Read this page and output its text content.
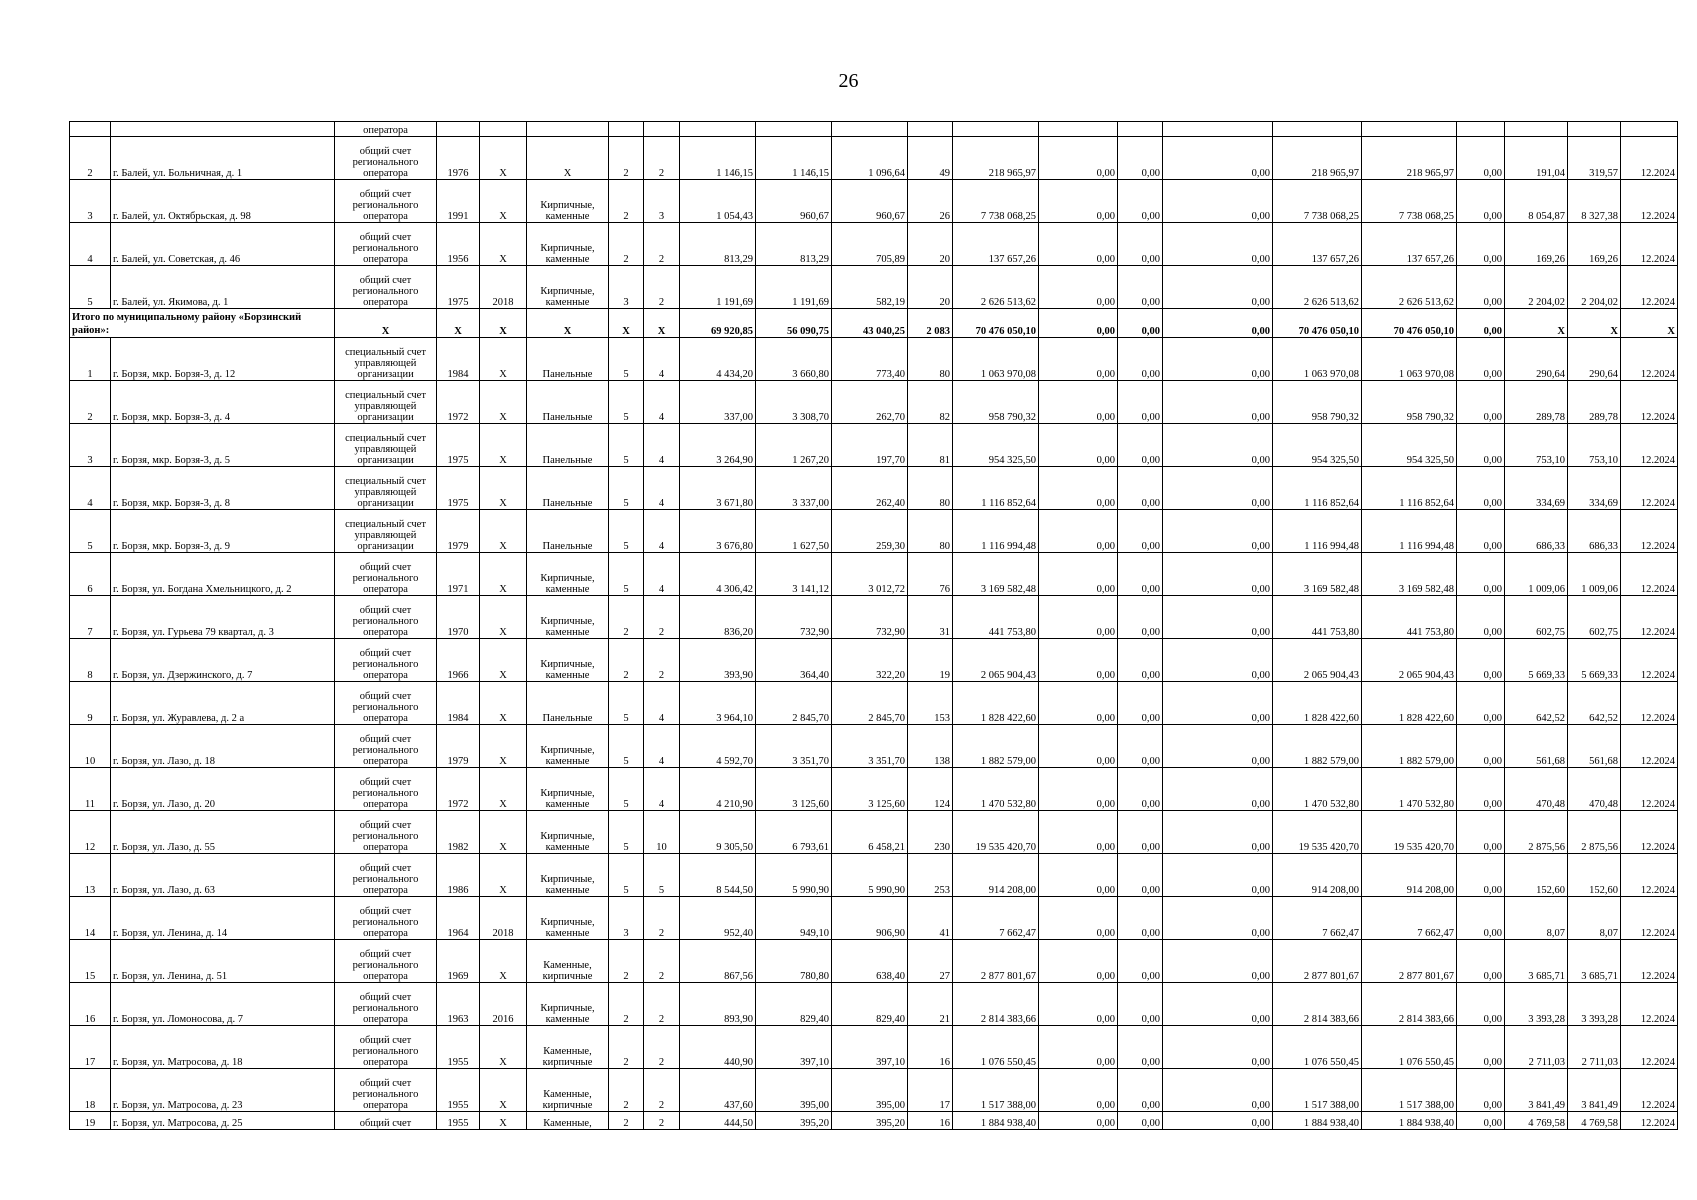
26
		оператора																			
2	г. Балей, ул. Больничная, д. 1	общий счет регионального оператора	1976	X	X	2	2	1 146,15	1 146,15	1 096,64	49	218 965,97	0,00	0,00	0,00	218 965,97	218 965,97	0,00	191,04	319,57	12.2024
3	г. Балей, ул. Октябрьская, д. 98	общий счет регионального оператора	1991	X	Кирпичные, каменные	2	3	1 054,43	960,67	960,67	26	7 738 068,25	0,00	0,00	0,00	7 738 068,25	7 738 068,25	0,00	8 054,87	8 327,38	12.2024
4	г. Балей, ул. Советская, д. 46	общий счет регионального оператора	1956	X	Кирпичные, каменные	2	2	813,29	813,29	705,89	20	137 657,26	0,00	0,00	0,00	137 657,26	137 657,26	0,00	169,26	169,26	12.2024
5	г. Балей, ул. Якимова, д. 1	общий счет регионального оператора	1975	2018	Кирпичные, каменные	3	2	1 191,69	1 191,69	582,19	20	2 626 513,62	0,00	0,00	0,00	2 626 513,62	2 626 513,62	0,00	2 204,02	2 204,02	12.2024
Итого по муниципальному району «Борзинский район»:		X	X	X	X	X	X	69 920,85	56 090,75	43 040,25	2 083	70 476 050,10	0,00	0,00	0,00	70 476 050,10	70 476 050,10	0,00	X	X	X
1	г. Борзя, мкр. Борзя-3, д. 12	специальный счет управляющей организации	1984	X	Панельные	5	4	4 434,20	3 660,80	773,40	80	1 063 970,08	0,00	0,00	0,00	1 063 970,08	1 063 970,08	0,00	290,64	290,64	12.2024
2	г. Борзя, мкр. Борзя-3, д. 4	специальный счет управляющей организации	1972	X	Панельные	5	4	337,00	3 308,70	262,70	82	958 790,32	0,00	0,00	0,00	958 790,32	958 790,32	0,00	289,78	289,78	12.2024
3	г. Борзя, мкр. Борзя-3, д. 5	специальный счет управляющей организации	1975	X	Панельные	5	4	3 264,90	1 267,20	197,70	81	954 325,50	0,00	0,00	0,00	954 325,50	954 325,50	0,00	753,10	753,10	12.2024
4	г. Борзя, мкр. Борзя-3, д. 8	специальный счет управляющей организации	1975	X	Панельные	5	4	3 671,80	3 337,00	262,40	80	1 116 852,64	0,00	0,00	0,00	1 116 852,64	1 116 852,64	0,00	334,69	334,69	12.2024
5	г. Борзя, мкр. Борзя-3, д. 9	специальный счет управляющей организации	1979	X	Панельные	5	4	3 676,80	1 627,50	259,30	80	1 116 994,48	0,00	0,00	0,00	1 116 994,48	1 116 994,48	0,00	686,33	686,33	12.2024
6	г. Борзя, ул. Богдана Хмельницкого, д. 2	общий счет регионального оператора	1971	X	Кирпичные, каменные	5	4	4 306,42	3 141,12	3 012,72	76	3 169 582,48	0,00	0,00	0,00	3 169 582,48	3 169 582,48	0,00	1 009,06	1 009,06	12.2024
7	г. Борзя, ул. Гурьева 79 квартал, д. 3	общий счет регионального оператора	1970	X	Кирпичные, каменные	2	2	836,20	732,90	732,90	31	441 753,80	0,00	0,00	0,00	441 753,80	441 753,80	0,00	602,75	602,75	12.2024
8	г. Борзя, ул. Дзержинского, д. 7	общий счет регионального оператора	1966	X	Кирпичные, каменные	2	2	393,90	364,40	322,20	19	2 065 904,43	0,00	0,00	0,00	2 065 904,43	2 065 904,43	0,00	5 669,33	5 669,33	12.2024
9	г. Борзя, ул. Журавлева, д. 2 а	общий счет регионального оператора	1984	X	Панельные	5	4	3 964,10	2 845,70	2 845,70	153	1 828 422,60	0,00	0,00	0,00	1 828 422,60	1 828 422,60	0,00	642,52	642,52	12.2024
10	г. Борзя, ул. Лазо, д. 18	общий счет регионального оператора	1979	X	Кирпичные, каменные	5	4	4 592,70	3 351,70	3 351,70	138	1 882 579,00	0,00	0,00	0,00	1 882 579,00	1 882 579,00	0,00	561,68	561,68	12.2024
11	г. Борзя, ул. Лазо, д. 20	общий счет регионального оператора	1972	X	Кирпичные, каменные	5	4	4 210,90	3 125,60	3 125,60	124	1 470 532,80	0,00	0,00	0,00	1 470 532,80	1 470 532,80	0,00	470,48	470,48	12.2024
12	г. Борзя, ул. Лазо, д. 55	общий счет регионального оператора	1982	X	Кирпичные, каменные	5	10	9 305,50	6 793,61	6 458,21	230	19 535 420,70	0,00	0,00	0,00	19 535 420,70	19 535 420,70	0,00	2 875,56	2 875,56	12.2024
13	г. Борзя, ул. Лазо, д. 63	общий счет регионального оператора	1986	X	Кирпичные, каменные	5	5	8 544,50	5 990,90	5 990,90	253	914 208,00	0,00	0,00	0,00	914 208,00	914 208,00	0,00	152,60	152,60	12.2024
14	г. Борзя, ул. Ленина, д. 14	общий счет регионального оператора	1964	2018	Кирпичные, каменные	3	2	952,40	949,10	906,90	41	7 662,47	0,00	0,00	0,00	7 662,47	7 662,47	0,00	8,07	8,07	12.2024
15	г. Борзя, ул. Ленина, д. 51	общий счет регионального оператора	1969	X	Каменные, кирпичные	2	2	867,56	780,80	638,40	27	2 877 801,67	0,00	0,00	0,00	2 877 801,67	2 877 801,67	0,00	3 685,71	3 685,71	12.2024
16	г. Борзя, ул. Ломоносова, д. 7	общий счет регионального оператора	1963	2016	Кирпичные, каменные	2	2	893,90	829,40	829,40	21	2 814 383,66	0,00	0,00	0,00	2 814 383,66	2 814 383,66	0,00	3 393,28	3 393,28	12.2024
17	г. Борзя, ул. Матросова, д. 18	общий счет регионального оператора	1955	X	Каменные, кирпичные	2	2	440,90	397,10	397,10	16	1 076 550,45	0,00	0,00	0,00	1 076 550,45	1 076 550,45	0,00	2 711,03	2 711,03	12.2024
18	г. Борзя, ул. Матросова, д. 23	общий счет регионального оператора	1955	X	Каменные, кирпичные	2	2	437,60	395,00	395,00	17	1 517 388,00	0,00	0,00	0,00	1 517 388,00	1 517 388,00	0,00	3 841,49	3 841,49	12.2024
19	г. Борзя, ул. Матросова, д. 25	общий счет	1955	X	Каменные,	2	2	444,50	395,20	395,20	16	1 884 938,40	0,00	0,00	0,00	1 884 938,40	1 884 938,40	0,00	4 769,58	4 769,58	12.2024
